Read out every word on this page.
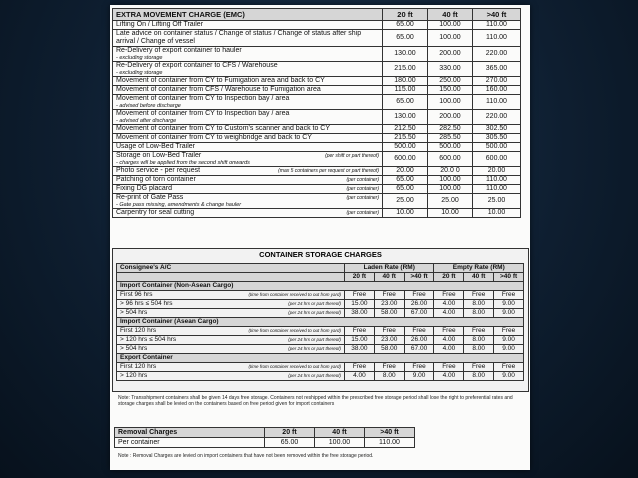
EXTRA MOVEMENT CHARGE (EMC)	20 ft	40 ft	>40 ft
Lifting On / Lifting Off Trailer	65.00	100.00	110.00
Late advice on container status / Change of status / Change of status after ship arrival / Change of vessel	65.00	100.00	110.00
Re-Delivery of export container to hauler
- excluding storage	130.00	200.00	220.00
Re-Delivery of export container to CFS / Warehouse
- excluding storage	215.00	330.00	365.00
Movement of container from CY to Fumigation area and back to CY	180.00	250.00	270.00
Movement of container from CFS / Warehouse to Fumigation area	115.00	150.00	160.00
Movement of container from CY to Inspection bay / area
- advised before discharge	65.00	100.00	110.00
Movement of container from CY to Inspection bay / area
- advised after discharge	130.00	200.00	220.00
Movement of container from CY to Custom's scanner and back to CY	212.50	282.50	302.50
Movement of container from CY to weighbridge and back to CY	215.50	285.50	305.50
Usage of Low-Bed Trailer	500.00	500.00	500.00

(per shift or part thereof)
Storage on Low-Bed Trailer
- charges will be applied from the second shift onwards	600.00	600.00	600.00

(max 5 containers per request or part thereof)
Photo service - per request	20.00	20.0 0	20.00

(per container)
Patching of torn container	65.00	100.00	110.00

(per container)
Fixing DG placard	65.00	100.00	110.00

(per container)
Re-print of Gate Pass
- Gate pass missing, amendments & change hauler	25.00	25.00	25.00

(per container)
Carpentry for seal cutting	10.00	10.00	10.00
CONTAINER STORAGE CHARGES
Consignee's A/C	Laden Rate (RM)			Empty Rate (RM)		
	20 ft	40 ft	>40 ft	20 ft	40 ft	>40 ft
Import Container (Non-Asean Cargo)						

(time from container received to out from yard)
First 96 hrs	Free	Free	Free	Free	Free	Free

(per 24 hrs or part thereof)
> 96 hrs ≤ 504 hrs	15.00	23.00	26.00	4.00	8.00	9.00

(per 24 hrs or part thereof)
> 504 hrs	38.00	58.00	67.00	4.00	8.00	9.00
Import Container (Asean Cargo)						

(time from container received to out from yard)
First 120 hrs	Free	Free	Free	Free	Free	Free

(per 24 hrs or part thereof)
> 120 hrs ≤ 504 hrs	15.00	23.00	26.00	4.00	8.00	9.00

(per 24 hrs or part thereof)
> 504 hrs	38.00	58.00	67.00	4.00	8.00	9.00
Export Container						

(time from container received to out from yard)
First 120 hrs	Free	Free	Free	Free	Free	Free

(per 24 hrs or part thereof)
> 120 hrs	4.00	8.00	9.00	4.00	8.00	9.00
Note: Transshipment containers shall be given 14 days free storage. Containers not reshipped within the prescribed free storage period shall lose the right to preferential rates and storage charges shall be levied on the containers based on free period given for import containers
Removal Charges	20 ft	40 ft	>40 ft
Per container	65.00	100.00	110.00
Note : Removal Charges are levied on import containers that have not been removed within the free storage period.
